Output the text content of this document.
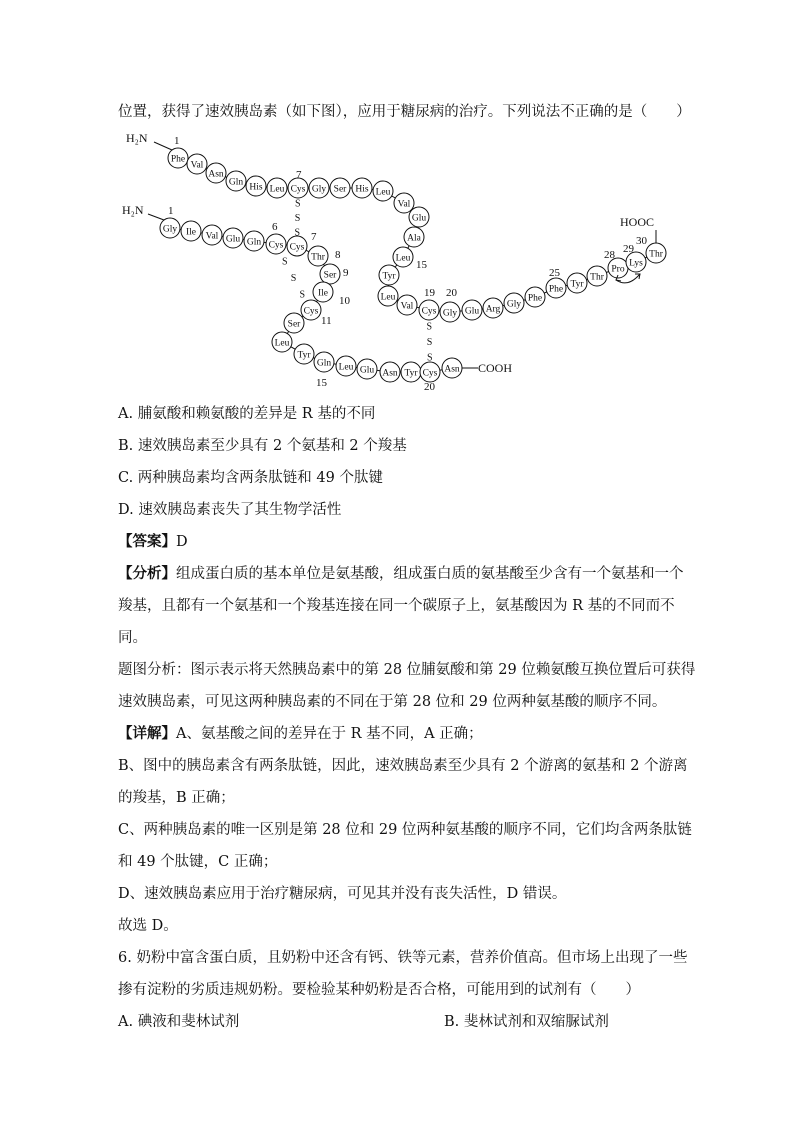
位置，获得了速效胰岛素（如下图），应用于糖尿病的治疗。下列说法不正确的是（　　）
Phe
Val
Asn
Gln His Leu Cys Gly Ser His Leu
Val
Glu
Ala
Leu
Tyr
Leu
Val Cys Gly Glu Arg Gly
Phe
Phe Tyr
Thr
Pro
Lys
Thr
Gly Ile Val Glu Gln Cys Cys
Thr
Ser
Ile
Cys
Ser
Leu
Tyr
Gln Leu Glu Asn Tyr Cys Asn
S
S
S
S
S
S
S
S
S
H₂N
H₂N
COOH
HOOC
1
7
15
19 20
25
28 29
30
1
6
7
8
9
10
11
15	20
A. 脯氨酸和赖氨酸的差异是 R 基的不同
B. 速效胰岛素至少具有 2 个氨基和 2 个羧基
C. 两种胰岛素均含两条肽链和 49 个肽键
D. 速效胰岛素丧失了其生物学活性
【答案】D
【分析】组成蛋白质的基本单位是氨基酸，组成蛋白质的氨基酸至少含有一个氨基和一个
羧基，且都有一个氨基和一个羧基连接在同一个碳原子上，氨基酸因为 R 基的不同而不
同。
题图分析：图示表示将天然胰岛素中的第 28 位脯氨酸和第 29 位赖氨酸互换位置后可获得
速效胰岛素，可见这两种胰岛素的不同在于第 28 位和 29 位两种氨基酸的顺序不同。
【详解】A、氨基酸之间的差异在于 R 基不同，A 正确；
B、图中的胰岛素含有两条肽链，因此，速效胰岛素至少具有 2 个游离的氨基和 2 个游离
的羧基，B 正确；
C、两种胰岛素的唯一区别是第 28 位和 29 位两种氨基酸的顺序不同，它们均含两条肽链
和 49 个肽键，C 正确；
D、速效胰岛素应用于治疗糖尿病，可见其并没有丧失活性，D 错误。
故选 D。
6. 奶粉中富含蛋白质，且奶粉中还含有钙、铁等元素，营养价值高。但市场上出现了一些
掺有淀粉的劣质违规奶粉。要检验某种奶粉是否合格，可能用到的试剂有（　　）
A. 碘液和斐林试剂	B. 斐林试剂和双缩脲试剂
